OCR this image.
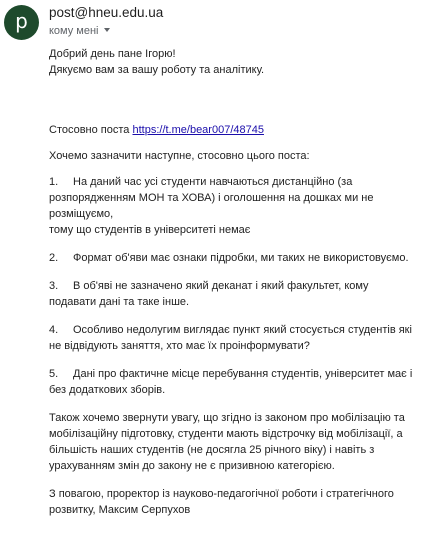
p	post@hneu.edu.ua
кому мені

Добрий день пане Ігорю!

Дякуємо вам за вашу роботу та аналітику.

Стосовно поста https://t.me/bear007/48745

Хочемо зазначити наступне, стосовно цього поста:

1. На даний час усі студенти навчаються дистанційно (за

розпорядженням МОН та ХОВА) і оголошення на дошках ми не розміщуємо,

тому що студентів в університеті немає

2. Формат об'яви має ознаки підробки, ми таких не використовуємо.

3. В об'яві не зазначено який деканат і який факультет, кому

подавати дані та таке інше.

4. Особливо недолугим виглядає пункт який стосується студентів які

не відвідують заняття, хто має їх проінформувати?

5. Дані про фактичне місце перебування студентів, університет має і

без додаткових зборів.

Також хочемо звернути увагу, що згідно із законом про мобілізацію та

мобілізаційну підготовку, студенти мають відстрочку від мобілізації, а

більшість наших студентів (не досягла 25 річного віку) і навіть з

урахуванням змін до закону не є призивною категорією.

З повагою, проректор із науково-педагогічної роботи і стратегічного

розвитку, Максим Серпухов
